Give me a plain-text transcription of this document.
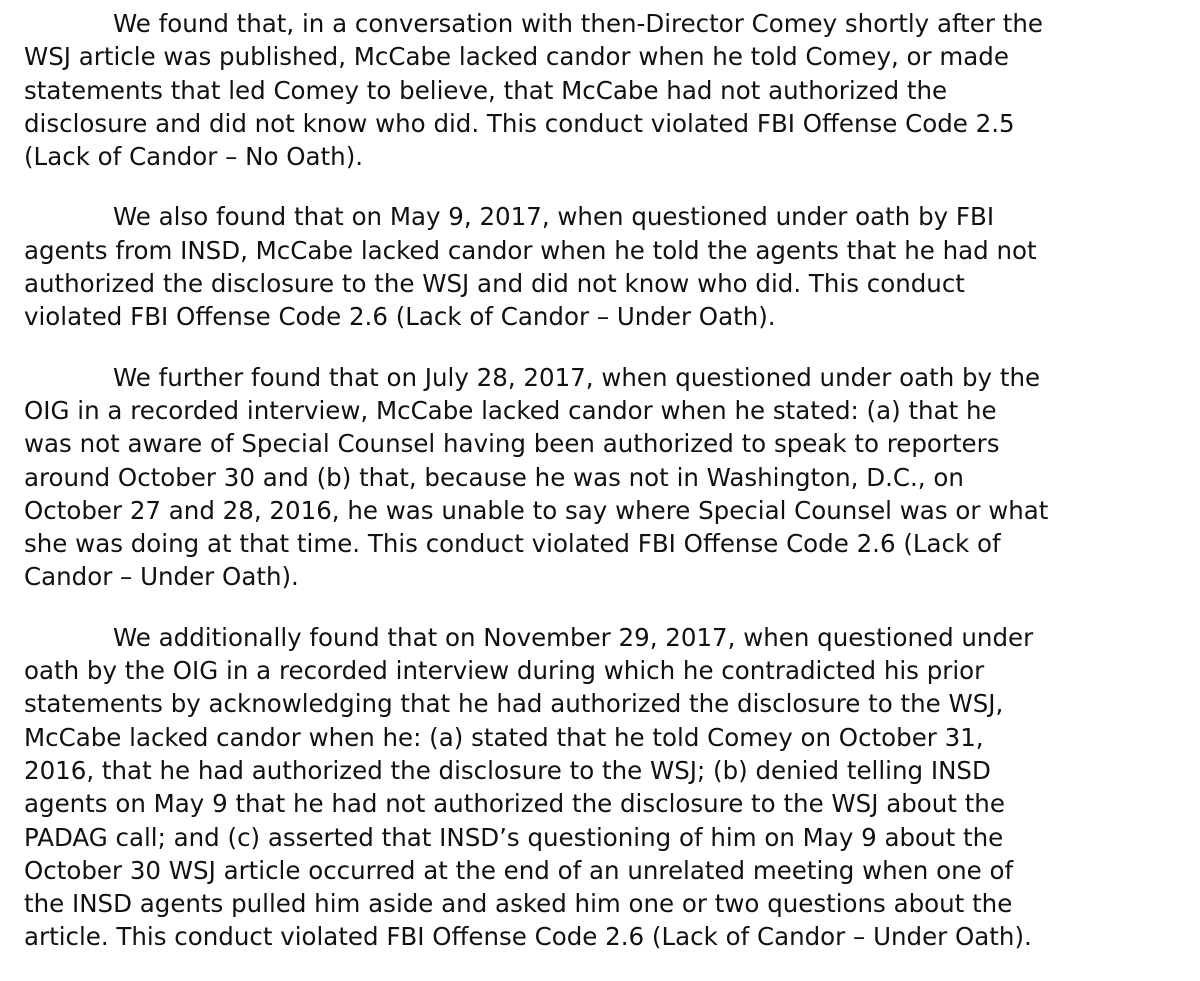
We found that, in a conversation with then-Director Comey shortly after the
WSJ article was published, McCabe lacked candor when he told Comey, or made
statements that led Comey to believe, that McCabe had not authorized the
disclosure and did not know who did. This conduct violated FBI Offense Code 2.5
(Lack of Candor – No Oath).

We also found that on May 9, 2017, when questioned under oath by FBI
agents from INSD, McCabe lacked candor when he told the agents that he had not
authorized the disclosure to the WSJ and did not know who did. This conduct
violated FBI Offense Code 2.6 (Lack of Candor – Under Oath).

We further found that on July 28, 2017, when questioned under oath by the
OIG in a recorded interview, McCabe lacked candor when he stated: (a) that he
was not aware of Special Counsel having been authorized to speak to reporters
around October 30 and (b) that, because he was not in Washington, D.C., on
October 27 and 28, 2016, he was unable to say where Special Counsel was or what
she was doing at that time. This conduct violated FBI Offense Code 2.6 (Lack of
Candor – Under Oath).

We additionally found that on November 29, 2017, when questioned under
oath by the OIG in a recorded interview during which he contradicted his prior
statements by acknowledging that he had authorized the disclosure to the WSJ,
McCabe lacked candor when he: (a) stated that he told Comey on October 31,
2016, that he had authorized the disclosure to the WSJ; (b) denied telling INSD
agents on May 9 that he had not authorized the disclosure to the WSJ about the
PADAG call; and (c) asserted that INSD’s questioning of him on May 9 about the
October 30 WSJ article occurred at the end of an unrelated meeting when one of
the INSD agents pulled him aside and asked him one or two questions about the
article. This conduct violated FBI Offense Code 2.6 (Lack of Candor – Under Oath).
